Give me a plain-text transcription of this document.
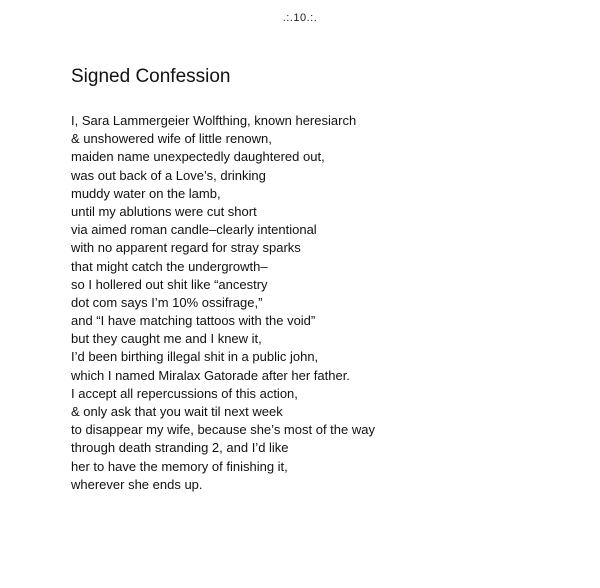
.:.10.:.
Signed Confession
I, Sara Lammergeier Wolfthing, known heresiarch
& unshowered wife of little renown,
maiden name unexpectedly daughtered out,
was out back of a Love’s, drinking
muddy water on the lamb,
until my ablutions were cut short
via aimed roman candle–clearly intentional
with no apparent regard for stray sparks
that might catch the undergrowth–
so I hollered out shit like “ancestry
dot com says I’m 10% ossifrage,”
and “I have matching tattoos with the void”
but they caught me and I knew it,
I’d been birthing illegal shit in a public john,
which I named Miralax Gatorade after her father.
I accept all repercussions of this action,
& only ask that you wait til next week
to disappear my wife, because she’s most of the way
through death stranding 2, and I’d like
her to have the memory of finishing it,
wherever she ends up.
